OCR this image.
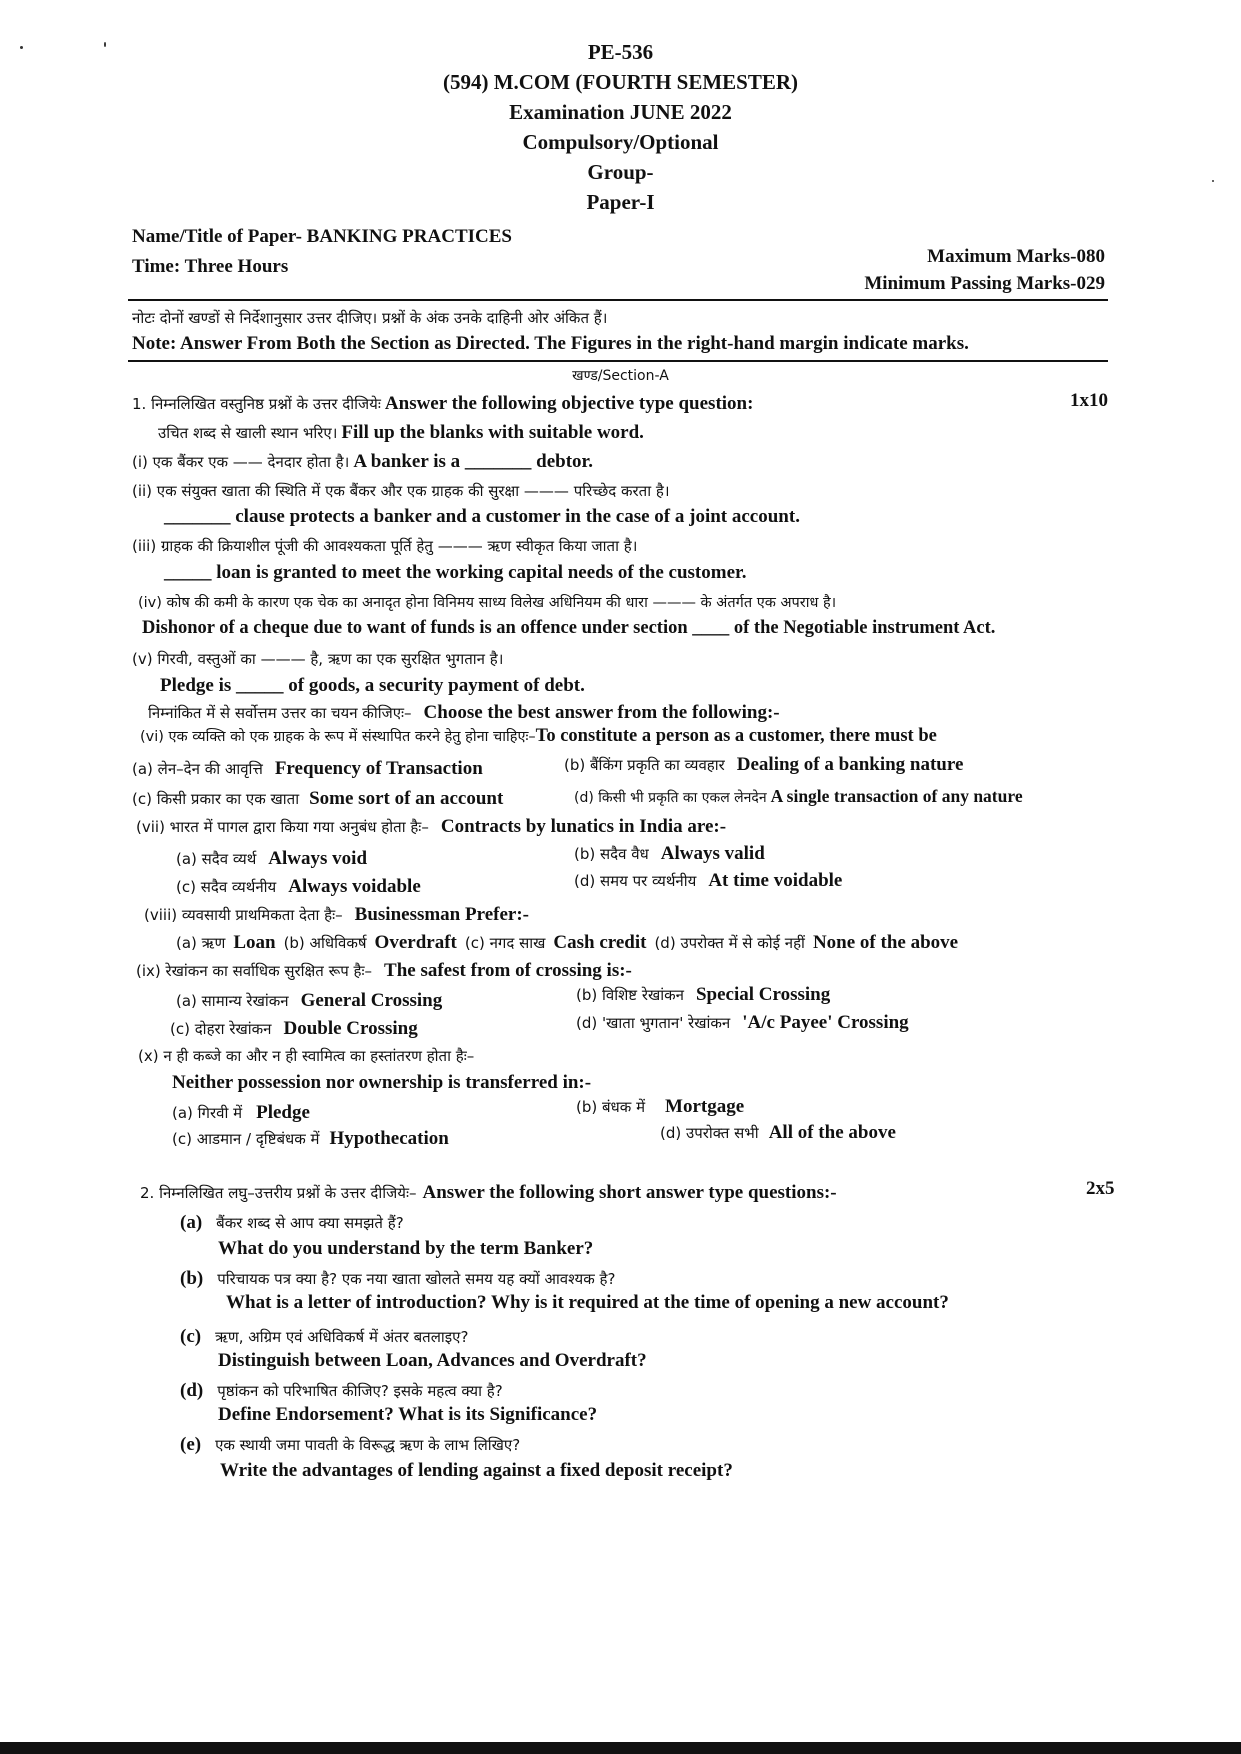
PE-536
(594) M.COM (FOURTH SEMESTER)
Examination JUNE 2022
Compulsory/Optional
Group-
Paper-I
Name/Title of Paper- BANKING PRACTICES
Time: Three Hours	Maximum Marks-080
Minimum Passing Marks-029
नोटः दोनों खण्डों से निर्देशानुसार उत्तर दीजिए। प्रश्नों के अंक उनके दाहिनी ओर अंकित हैं।
Note: Answer From Both the Section as Directed. The Figures in the right-hand margin indicate marks.
खण्ड/Section-A
1. निम्नलिखित वस्तुनिष्ठ प्रश्नों के उत्तर दीजियेः Answer the following objective type question:	1x10
उचित शब्द से खाली स्थान भरिए। Fill up the blanks with suitable word.
(i) एक बैंकर एक —— देनदार होता है। A banker is a _______ debtor.
(ii) एक संयुक्त खाता की स्थिति में एक बैंकर और एक ग्राहक की सुरक्षा ——— परिच्छेद करता है।
_______ clause protects a banker and a customer in the case of a joint account.
(iii) ग्राहक की क्रियाशील पूंजी की आवश्यकता पूर्ति हेतु ——— ऋण स्वीकृत किया जाता है।
_____ loan is granted to meet the working capital needs of the customer.
(iv) कोष की कमी के कारण एक चेक का अनादृत होना विनिमय साध्य विलेख अधिनियम की धारा ——— के अंतर्गत एक अपराध है।
Dishonor of a cheque due to want of funds is an offence under section ____ of the Negotiable instrument Act.
(v) गिरवी, वस्तुओं का ——— है, ऋण का एक सुरक्षित भुगतान है।
Pledge is _____ of goods, a security payment of debt.
निम्नांकित में से सर्वोत्तम उत्तर का चयन कीजिएः– Choose the best answer from the following:-
(vi) एक व्यक्ति को एक ग्राहक के रूप में संस्थापित करने हेतु होना चाहिएः–To constitute a person as a customer, there must be
(a) लेन–देन की आवृत्ति Frequency of Transaction	(b) बैंकिंग प्रकृति का व्यवहार Dealing of a banking nature
(c) किसी प्रकार का एक खाता Some sort of an account	(d) किसी भी प्रकृति का एकल लेनदेन A single transaction of any nature
(vii) भारत में पागल द्वारा किया गया अनुबंध होता हैः– Contracts by lunatics in India are:-
(a) सदैव व्यर्थ Always void	(b) सदैव वैध Always valid
(c) सदैव व्यर्थनीय Always voidable	(d) समय पर व्यर्थनीय At time voidable
(viii) व्यवसायी प्राथमिकता देता हैः– Businessman Prefer:-
(a) ऋण Loan (b) अधिविकर्ष Overdraft (c) नगद साख Cash credit (d) उपरोक्त में से कोई नहीं None of the above
(ix) रेखांकन का सर्वाधिक सुरक्षित रूप हैः– The safest from of crossing is:-
(a) सामान्य रेखांकन General Crossing	(b) विशिष्ट रेखांकन Special Crossing
(c) दोहरा रेखांकन Double Crossing	(d) 'खाता भुगतान' रेखांकन 'A/c Payee' Crossing
(x) न ही कब्जे का और न ही स्वामित्व का हस्तांतरण होता हैः–
Neither possession nor ownership is transferred in:-
(a) गिरवी में Pledge	(b) बंधक में Mortgage
(c) आडमान / दृष्टिबंधक में Hypothecation	(d) उपरोक्त सभी All of the above
2. निम्नलिखित लघु–उत्तरीय प्रश्नों के उत्तर दीजियेः– Answer the following short answer type questions:-	2x5
(a) बैंकर शब्द से आप क्या समझते हैं?
What do you understand by the term Banker?
(b) परिचायक पत्र क्या है? एक नया खाता खोलते समय यह क्यों आवश्यक है?
What is a letter of introduction? Why is it required at the time of opening a new account?
(c) ऋण, अग्रिम एवं अधिविकर्ष में अंतर बतलाइए?
Distinguish between Loan, Advances and Overdraft?
(d) पृष्ठांकन को परिभाषित कीजिए? इसके महत्व क्या है?
Define Endorsement? What is its Significance?
(e) एक स्थायी जमा पावती के विरूद्ध ऋण के लाभ लिखिए?
Write the advantages of lending against a fixed deposit receipt?
